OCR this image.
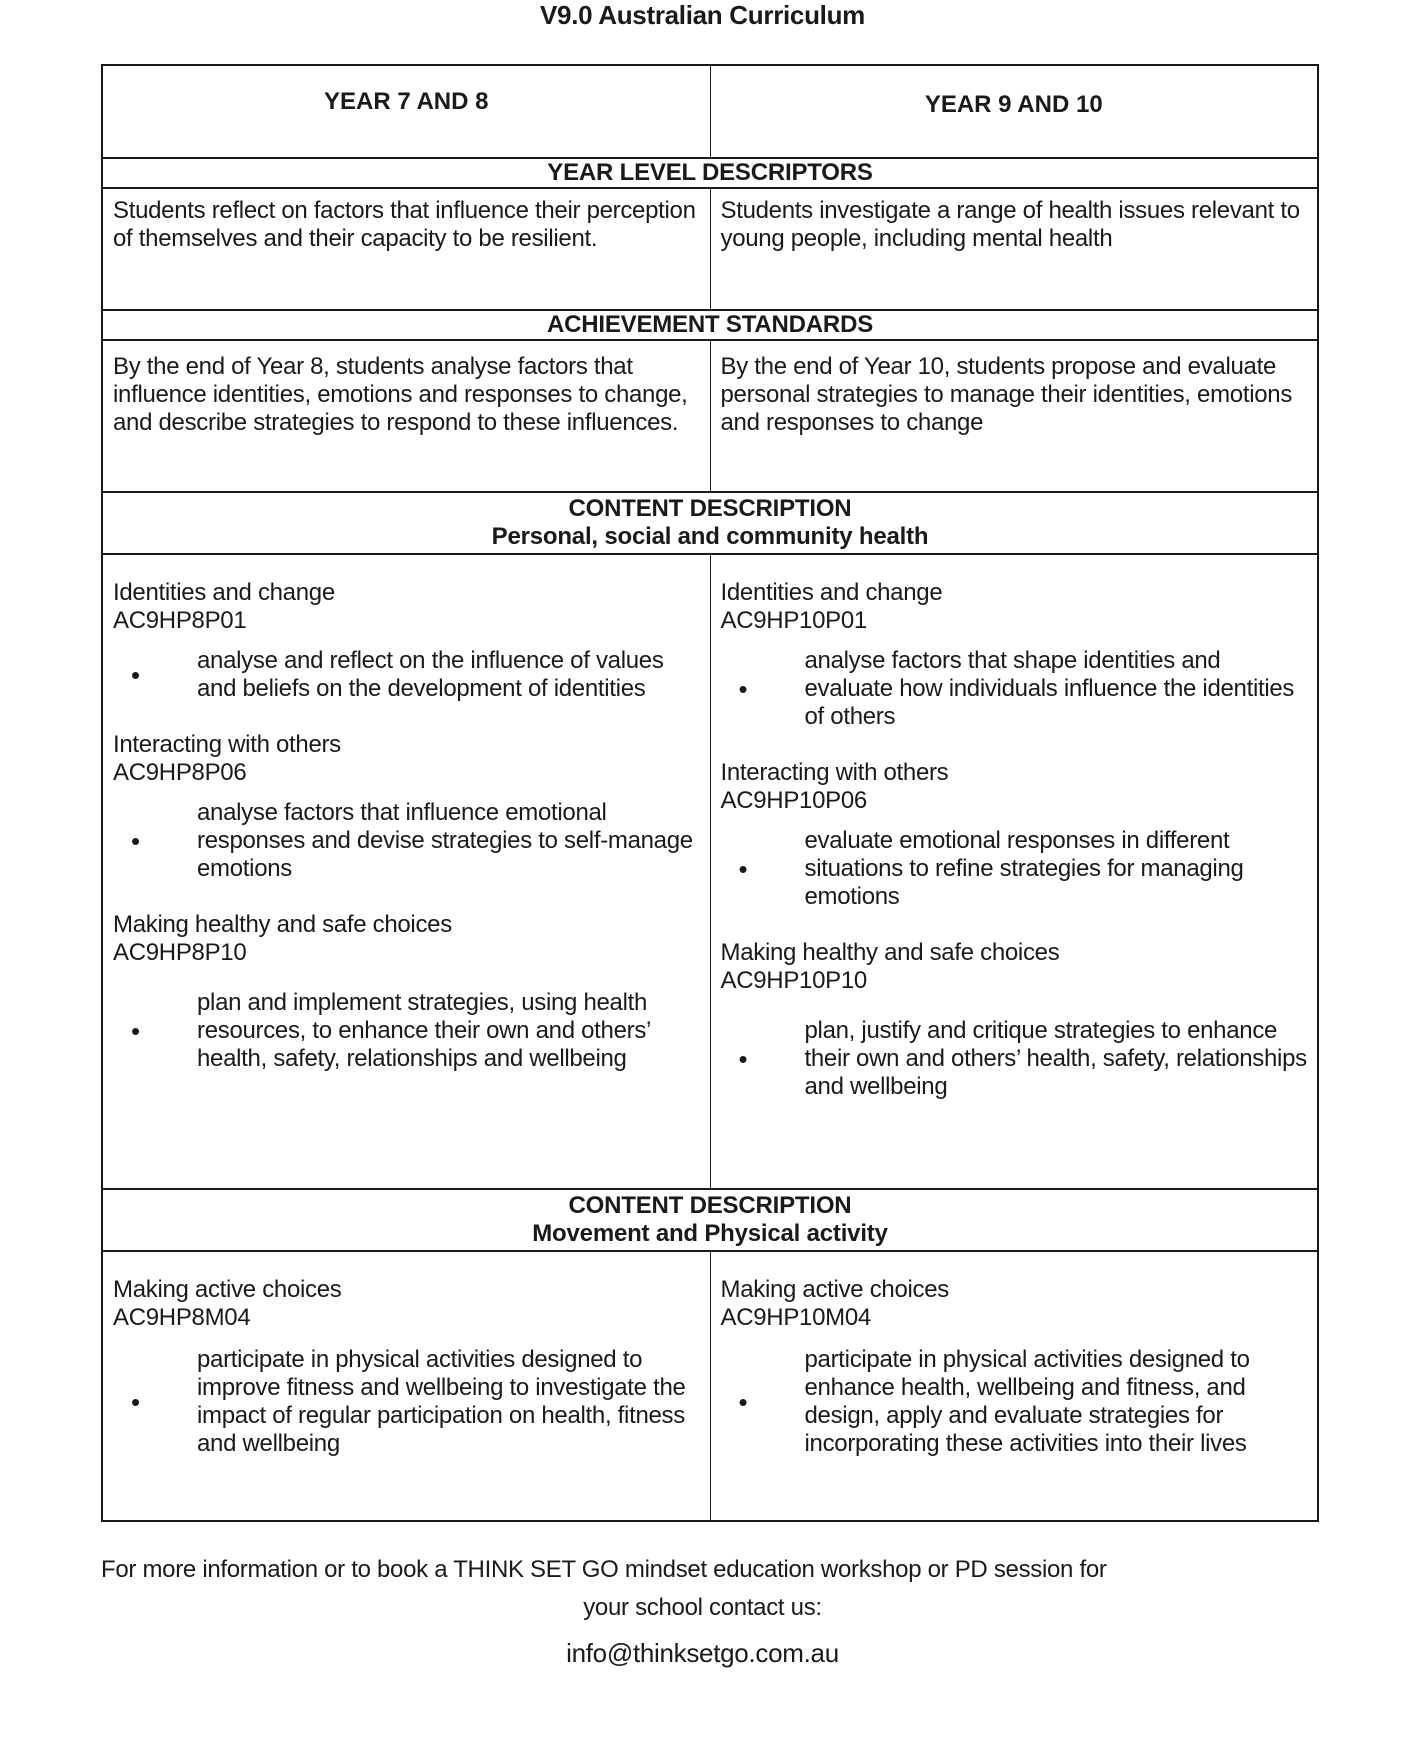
V9.0 Australian Curriculum
YEAR 7 AND 8	YEAR 9 AND 10
YEAR LEVEL DESCRIPTORS
Students reflect on factors that influence their perception of themselves and their capacity to be resilient.
Students investigate a range of health issues relevant to young people, including mental health
ACHIEVEMENT STANDARDS
By the end of Year 8, students analyse factors that influence identities, emotions and responses to change, and describe strategies to respond to these influences.
By the end of Year 10, students propose and evaluate personal strategies to manage their identities, emotions and responses to change
CONTENT DESCRIPTION
Personal, social and community health
Identities and change
AC9HP8P01
•	analyse and reflect on the influence of values and beliefs on the development of identities
Interacting with others
AC9HP8P06
•
analyse factors that influence emotional responses and devise strategies to self-manage emotions
Making healthy and safe choices
AC9HP8P10
•
plan and implement strategies, using health resources, to enhance their own and others’ health, safety, relationships and wellbeing
Identities and change
AC9HP10P01
•
analyse factors that shape identities and evaluate how individuals influence the identities of others
Interacting with others
AC9HP10P06
•
evaluate emotional responses in different situations to refine strategies for managing emotions
Making healthy and safe choices
AC9HP10P10
•
plan, justify and critique strategies to enhance their own and others’ health, safety, relationships and wellbeing
CONTENT DESCRIPTION
Movement and Physical activity
Making active choices
AC9HP8M04
•
participate in physical activities designed to improve fitness and wellbeing to investigate the impact of regular participation on health, fitness and wellbeing
Making active choices
AC9HP10M04
•
participate in physical activities designed to enhance health, wellbeing and fitness, and design, apply and evaluate strategies for incorporating these activities into their lives
For more information or to book a THINK SET GO mindset education workshop or PD session for
your school contact us:
info@thinksetgo.com.au
